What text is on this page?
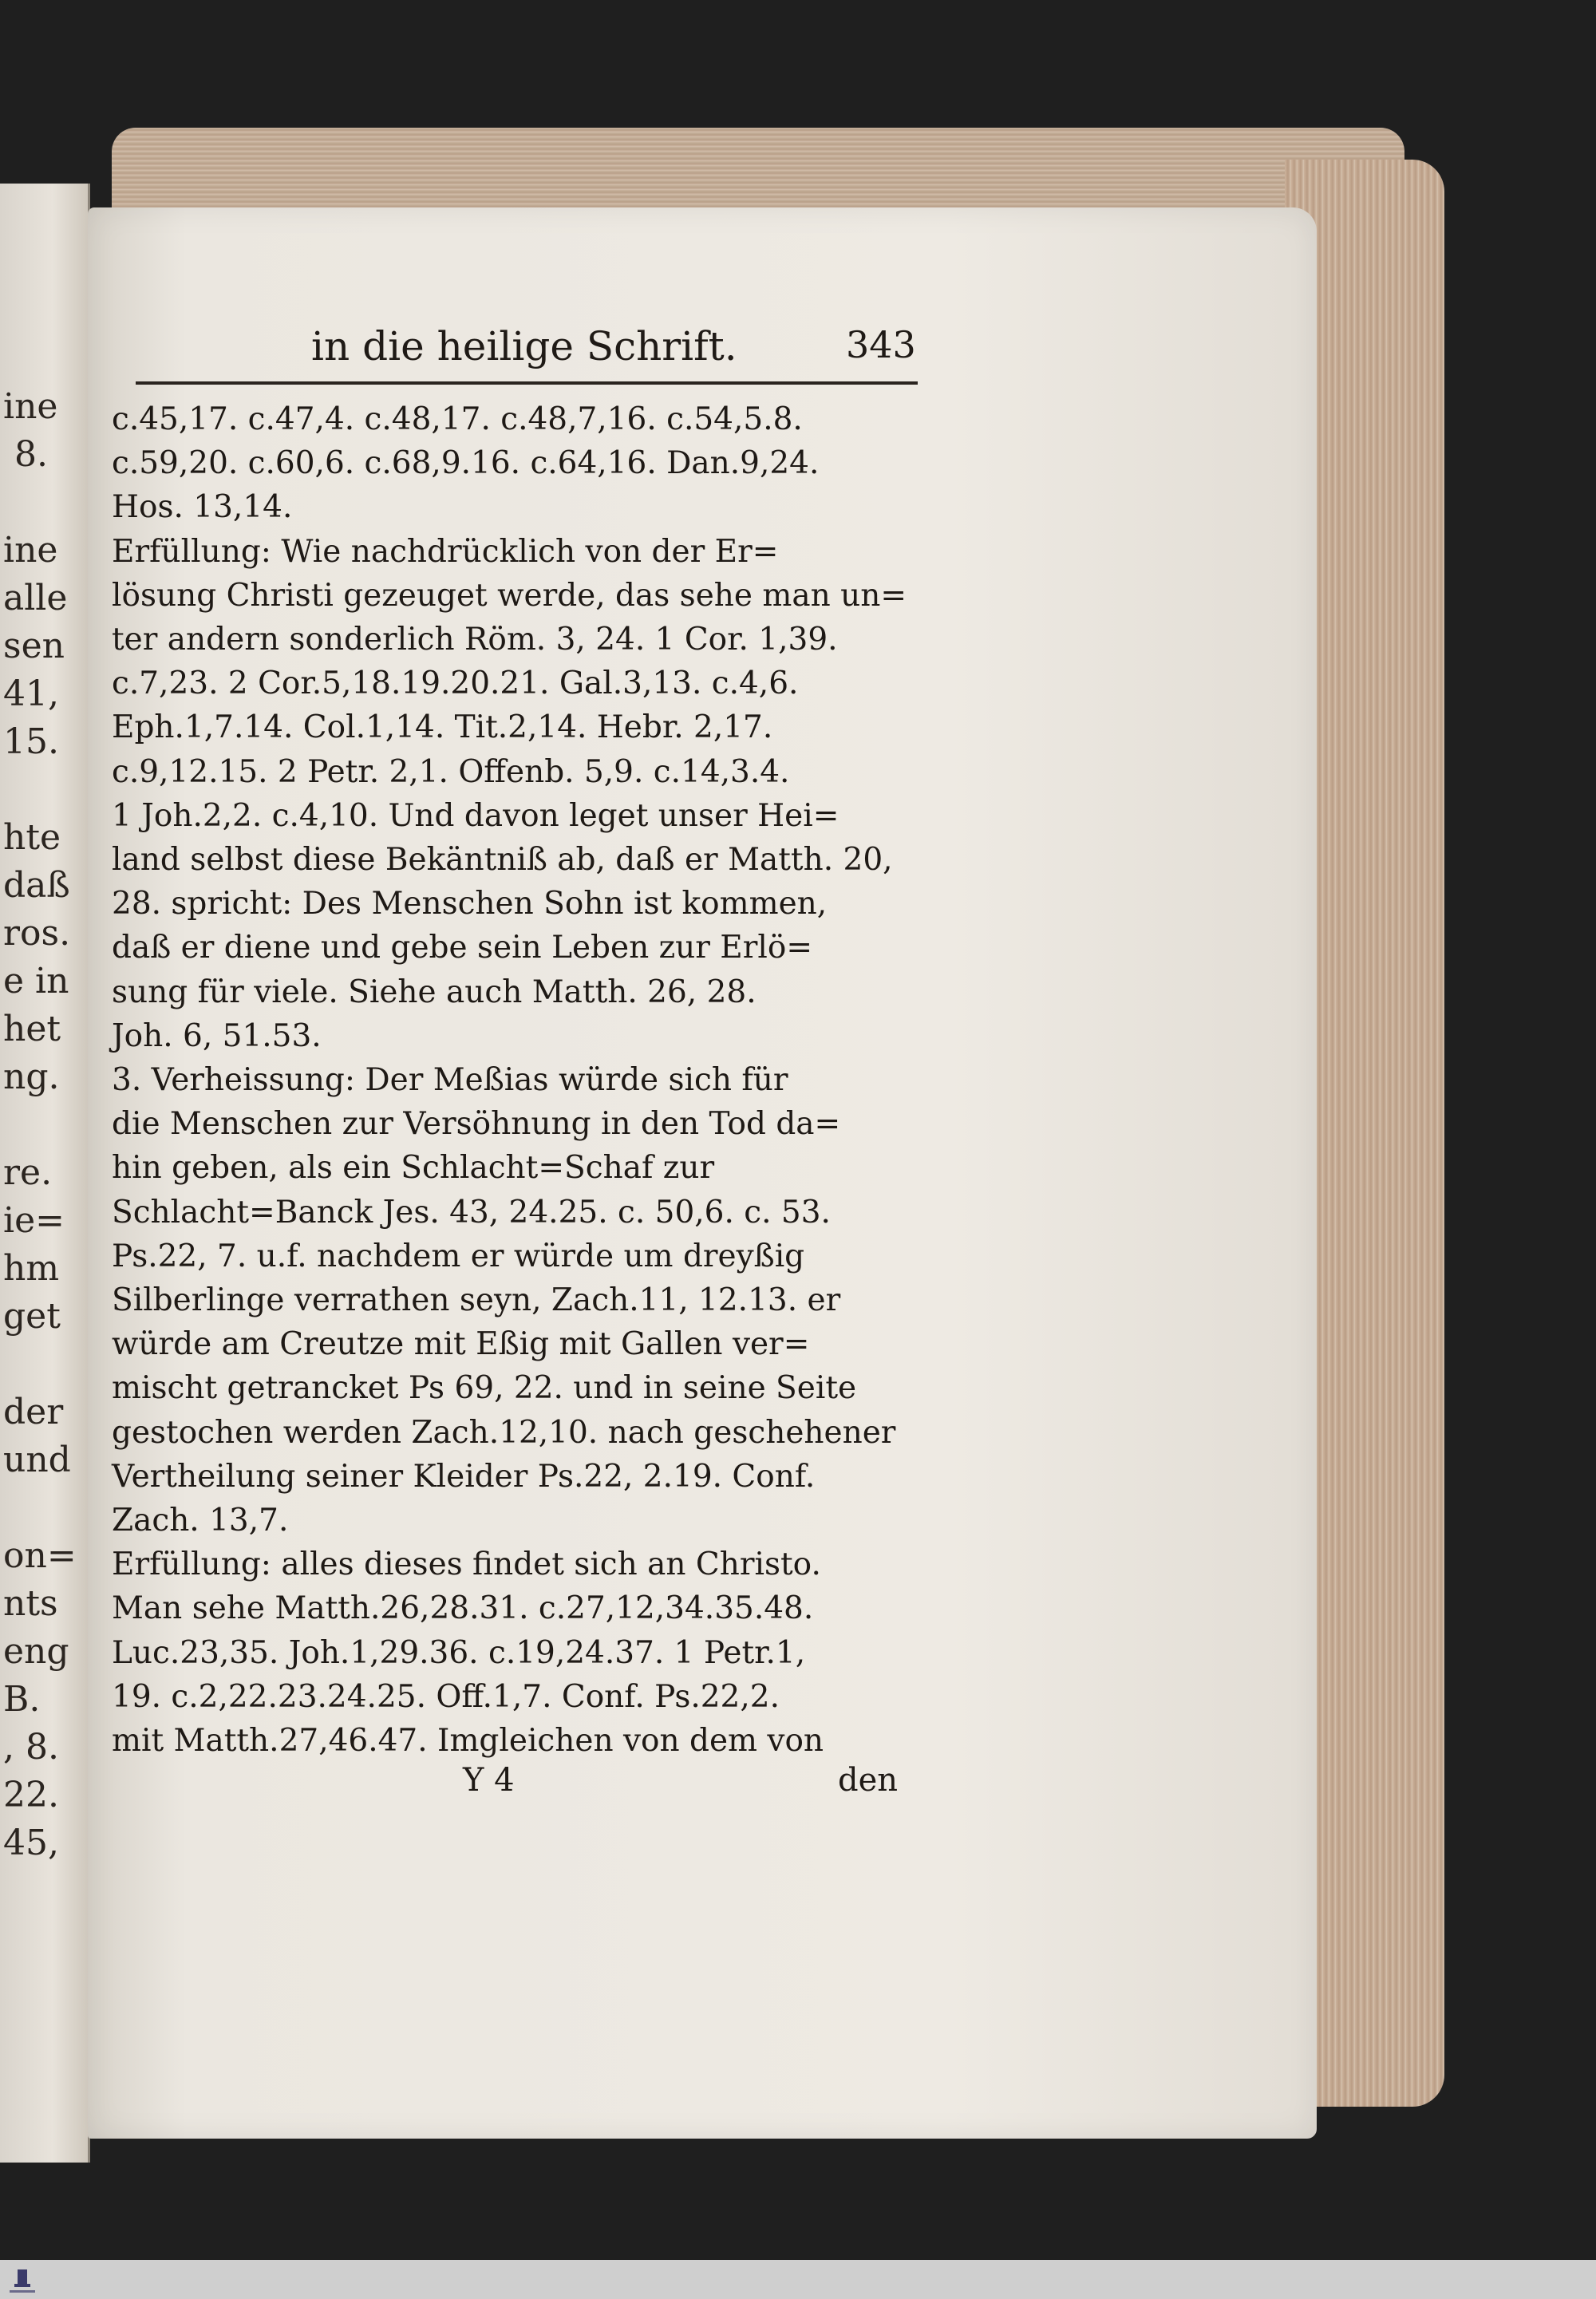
ine
8.

ine
alle
sen
41,
15.

hte
daß
ros.
e in
het
ng.

re.
ie=
hm
get

der
und

on=
nts
eng
B.
, 8.
22.
45,
in die heilige Schrift.	343
c.45,17. c.47,4. c.48,17. c.48,7,16. c.54,5.8.
c.59,20. c.60,6. c.68,9.16. c.64,16. Dan.9,24.
Hos. 13,14.
Erfüllung: Wie nachdrücklich von der Er=
lösung Christi gezeuget werde, das sehe man un=
ter andern sonderlich Röm. 3, 24. 1 Cor. 1,39.
c.7,23. 2 Cor.5,18.19.20.21. Gal.3,13. c.4,6.
Eph.1,7.14. Col.1,14. Tit.2,14. Hebr. 2,17.
c.9,12.15. 2 Petr. 2,1. Offenb. 5,9. c.14,3.4.
1 Joh.2,2. c.4,10. Und davon leget unser Hei=
land selbst diese Bekäntniß ab, daß er Matth. 20,
28. spricht: Des Menschen Sohn ist kommen,
daß er diene und gebe sein Leben zur Erlö=
sung für viele. Siehe auch Matth. 26, 28.
Joh. 6, 51.53.
3. Verheissung: Der Meßias würde sich für
die Menschen zur Versöhnung in den Tod da=
hin geben, als ein Schlacht=Schaf zur
Schlacht=Banck Jes. 43, 24.25. c. 50,6. c. 53.
Ps.22, 7. u.f. nachdem er würde um dreyßig
Silberlinge verrathen seyn, Zach.11, 12.13. er
würde am Creutze mit Eßig mit Gallen ver=
mischt getrancket Ps 69, 22. und in seine Seite
gestochen werden Zach.12,10. nach geschehener
Vertheilung seiner Kleider Ps.22, 2.19. Conf.
Zach. 13,7.
Erfüllung: alles dieses findet sich an Christo.
Man sehe Matth.26,28.31. c.27,12,34.35.48.
Luc.23,35. Joh.1,29.36. c.19,24.37. 1 Petr.1,
19. c.2,22.23.24.25. Off.1,7. Conf. Ps.22,2.
mit Matth.27,46.47. Imgleichen von dem von
Y 4	den
